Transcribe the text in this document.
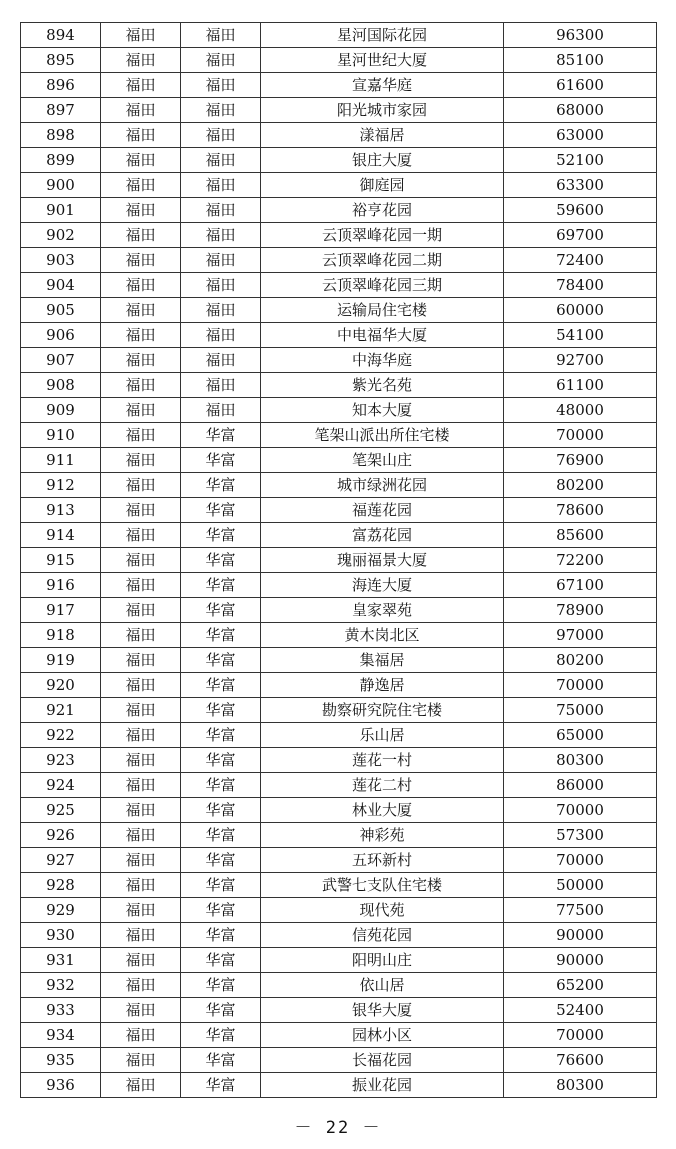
894	福田	福田	星河国际花园	96300
895	福田	福田	星河世纪大厦	85100
896	福田	福田	宣嘉华庭	61600
897	福田	福田	阳光城市家园	68000
898	福田	福田	漾福居	63000
899	福田	福田	银庄大厦	52100
900	福田	福田	御庭园	63300
901	福田	福田	裕亨花园	59600
902	福田	福田	云顶翠峰花园一期	69700
903	福田	福田	云顶翠峰花园二期	72400
904	福田	福田	云顶翠峰花园三期	78400
905	福田	福田	运输局住宅楼	60000
906	福田	福田	中电福华大厦	54100
907	福田	福田	中海华庭	92700
908	福田	福田	紫光名苑	61100
909	福田	福田	知本大厦	48000
910	福田	华富	笔架山派出所住宅楼	70000
911	福田	华富	笔架山庄	76900
912	福田	华富	城市绿洲花园	80200
913	福田	华富	福莲花园	78600
914	福田	华富	富荔花园	85600
915	福田	华富	瑰丽福景大厦	72200
916	福田	华富	海连大厦	67100
917	福田	华富	皇家翠苑	78900
918	福田	华富	黄木岗北区	97000
919	福田	华富	集福居	80200
920	福田	华富	静逸居	70000
921	福田	华富	勘察研究院住宅楼	75000
922	福田	华富	乐山居	65000
923	福田	华富	莲花一村	80300
924	福田	华富	莲花二村	86000
925	福田	华富	林业大厦	70000
926	福田	华富	神彩苑	57300
927	福田	华富	五环新村	70000
928	福田	华富	武警七支队住宅楼	50000
929	福田	华富	现代苑	77500
930	福田	华富	信苑花园	90000
931	福田	华富	阳明山庄	90000
932	福田	华富	依山居	65200
933	福田	华富	银华大厦	52400
934	福田	华富	园林小区	70000
935	福田	华富	长福花园	76600
936	福田	华富	振业花园	80300
－ 22 －
